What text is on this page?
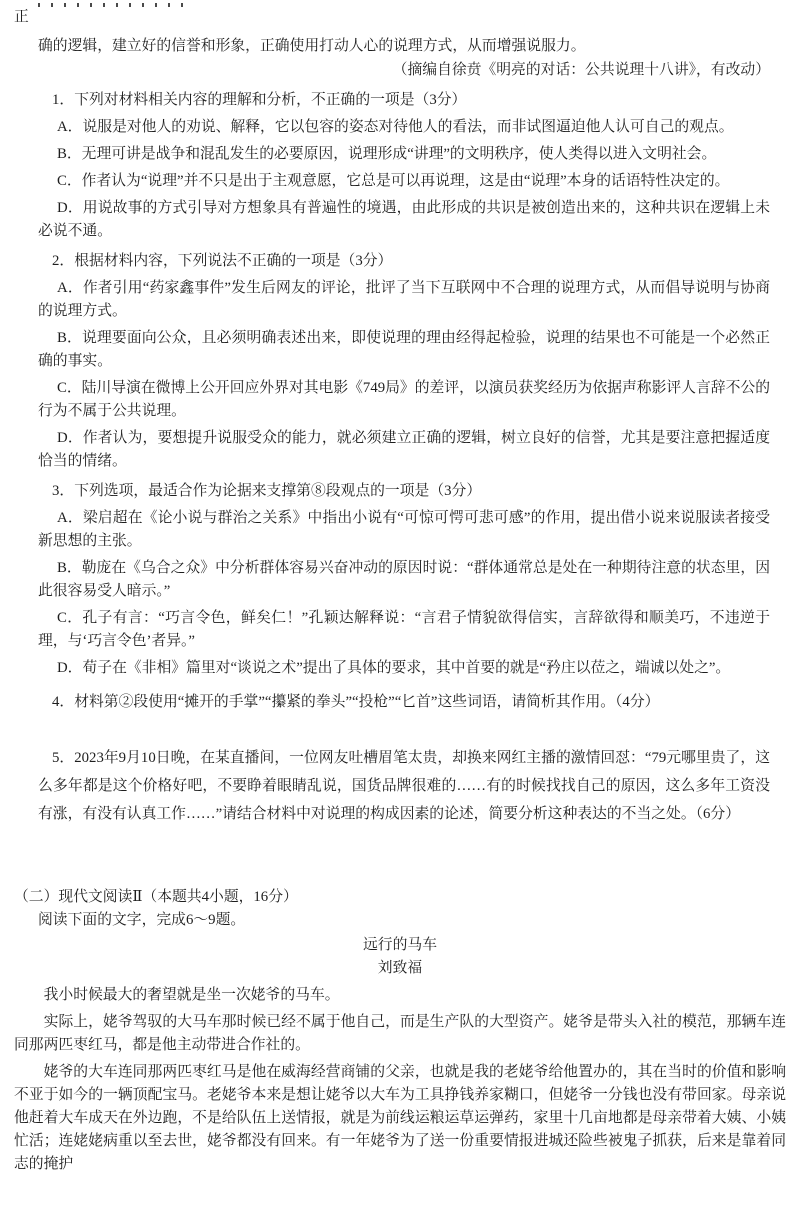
正
确的逻辑，建立好的信誉和形象，正确使用打动人心的说理方式，从而增强说服力。
（摘编自徐贲《明亮的对话：公共说理十八讲》，有改动）
1．下列对材料相关内容的理解和分析，不正确的一项是（3分）
A．说服是对他人的劝说、解释，它以包容的姿态对待他人的看法，而非试图逼迫他人认可自己的观点。
B．无理可讲是战争和混乱发生的必要原因，说理形成“讲理”的文明秩序，使人类得以进入文明社会。
C．作者认为“说理”并不只是出于主观意愿，它总是可以再说理，这是由“说理”本身的话语特性决定的。
D．用说故事的方式引导对方想象具有普遍性的境遇，由此形成的共识是被创造出来的，这种共识在逻辑上未必说不通。
2．根据材料内容，下列说法不正确的一项是（3分）
A．作者引用“药家鑫事件”发生后网友的评论，批评了当下互联网中不合理的说理方式，从而倡导说明与协商的说理方式。
B．说理要面向公众，且必须明确表述出来，即使说理的理由经得起检验，说理的结果也不可能是一个必然正确的事实。
C．陆川导演在微博上公开回应外界对其电影《749局》的差评，以演员获奖经历为依据声称影评人言辞不公的行为不属于公共说理。
D．作者认为，要想提升说服受众的能力，就必须建立正确的逻辑，树立良好的信誉，尤其是要注意把握适度恰当的情绪。
3．下列选项，最适合作为论据来支撑第⑧段观点的一项是（3分）
A．梁启超在《论小说与群治之关系》中指出小说有“可惊可愕可悲可感”的作用，提出借小说来说服读者接受新思想的主张。
B．勒庞在《乌合之众》中分析群体容易兴奋冲动的原因时说：“群体通常总是处在一种期待注意的状态里，因此很容易受人暗示。”
C．孔子有言：“巧言令色，鲜矣仁！”孔颖达解释说：“言君子情貌欲得信实，言辞欲得和顺美巧，不违逆于理，与‘巧言令色’者异。”
D．荀子在《非相》篇里对“谈说之术”提出了具体的要求，其中首要的就是“矜庄以莅之，端诚以处之”。
4．材料第②段使用“摊开的手掌”“攥紧的拳头”“投枪”“匕首”这些词语，请简析其作用。（4分）
5．2023年9月10日晚，在某直播间，一位网友吐槽眉笔太贵，却换来网红主播的激情回怼：“79元哪里贵了，这么多年都是这个价格好吧，不要睁着眼睛乱说，国货品牌很难的……有的时候找找自己的原因，这么多年工资没有涨，有没有认真工作……”请结合材料中对说理的构成因素的论述，简要分析这种表达的不当之处。（6分）
（二）现代文阅读Ⅱ（本题共4小题，16分）
阅读下面的文字，完成6～9题。
远行的马车
刘致福
我小时候最大的奢望就是坐一次姥爷的马车。
实际上，姥爷驾驭的大马车那时候已经不属于他自己，而是生产队的大型资产。姥爷是带头入社的模范，那辆车连同那两匹枣红马，都是他主动带进合作社的。
姥爷的大车连同那两匹枣红马是他在威海经营商铺的父亲，也就是我的老姥爷给他置办的，其在当时的价值和影响不亚于如今的一辆顶配宝马。老姥爷本来是想让姥爷以大车为工具挣钱养家糊口，但姥爷一分钱也没有带回家。母亲说他赶着大车成天在外边跑，不是给队伍上送情报，就是为前线运粮运草运弹药，家里十几亩地都是母亲带着大姨、小姨忙活；连姥姥病重以至去世，姥爷都没有回来。有一年姥爷为了送一份重要情报进城还险些被鬼子抓获，后来是靠着同志的掩护
